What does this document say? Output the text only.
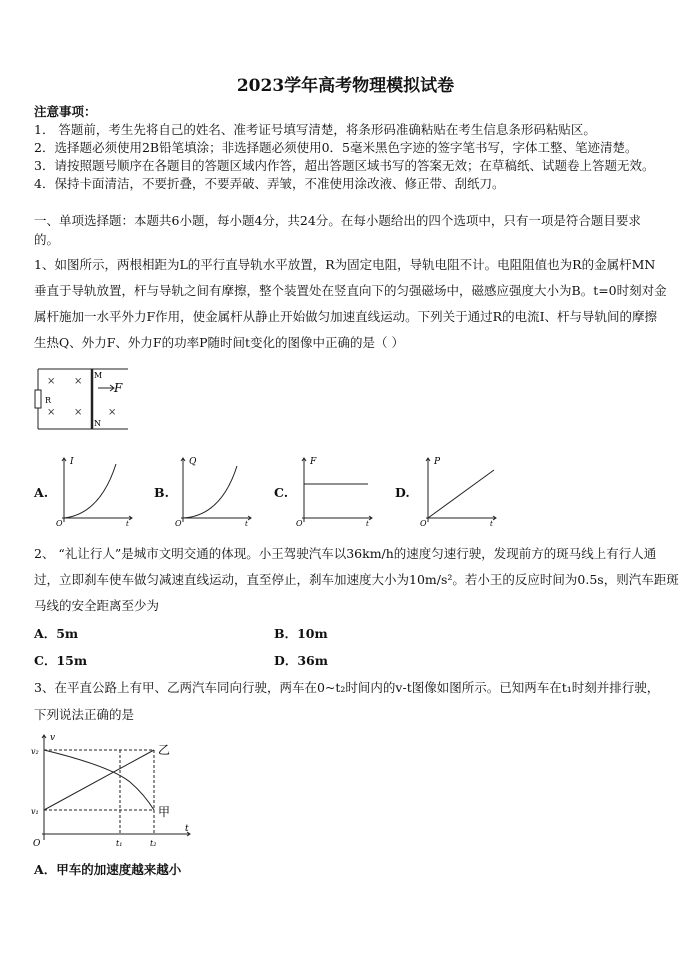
2023学年高考物理模拟试卷
注意事项：
1． 答题前，考生先将自己的姓名、准考证号填写清楚，将条形码准确粘贴在考生信息条形码粘贴区。
2．选择题必须使用2B铅笔填涂；非选择题必须使用0．5毫米黑色字迹的签字笔书写，字体工整、笔迹清楚。
3．请按照题号顺序在各题目的答题区域内作答，超出答题区域书写的答案无效；在草稿纸、试题卷上答题无效。
4．保持卡面清洁，不要折叠，不要弄破、弄皱，不准使用涂改液、修正带、刮纸刀。
一、单项选择题：本题共6小题，每小题4分，共24分。在每小题给出的四个选项中，只有一项是符合题目要求
的。
1、如图所示，两根相距为L的平行直导轨水平放置，R为固定电阻，导轨电阻不计。电阻阻值也为R的金属杆MN
垂直于导轨放置，杆与导轨之间有摩擦，整个装置处在竖直向下的匀强磁场中，磁感应强度大小为B。t=0时刻对金
属杆施加一水平外力F作用，使金属杆从静止开始做匀加速直线运动。下列关于通过R的电流I、杆与导轨间的摩擦
生热Q、外力F、外力F的功率P随时间t变化的图像中正确的是（ ）
R
M
N
F
× ×
× ×	×
A.
I
t
O
B.
Q
t
O
C.
F
t
O
D.
P
t
O
2、 “礼让行人”是城市文明交通的体现。小王驾驶汽车以36km/h的速度匀速行驶，发现前方的斑马线上有行人通
过，立即刹车使车做匀减速直线运动，直至停止，刹车加速度大小为10m/s²。若小王的反应时间为0.5s，则汽车距斑
马线的安全距离至少为
A．5m	B．10m
C．15m	D．36m
3、在平直公路上有甲、乙两汽车同向行驶，两车在0~t₂时间内的v-t图像如图所示。已知两车在t₁时刻并排行驶，
下列说法正确的是
v
t
O
v₂
v₁
t₁	t₂
乙
甲
A．甲车的加速度越来越小
